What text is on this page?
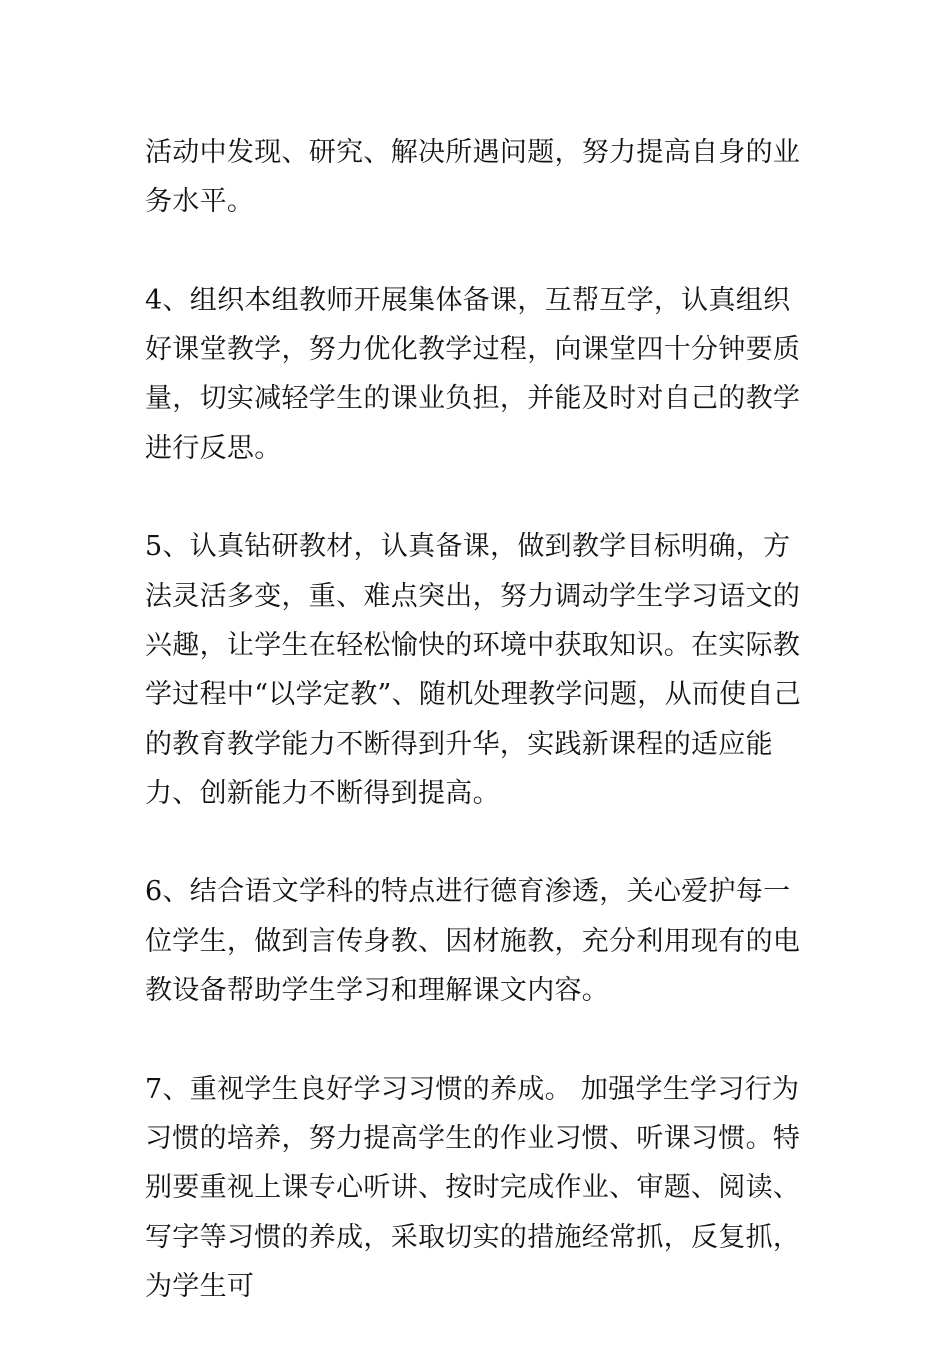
活动中发现、研究、解决所遇问题，努力提高自身的业务水平。

4、组织本组教师开展集体备课，互帮互学，认真组织好课堂教学，努力优化教学过程，向课堂四十分钟要质量，切实减轻学生的课业负担，并能及时对自己的教学进行反思。

5、认真钻研教材，认真备课，做到教学目标明确，方法灵活多变，重、难点突出，努力调动学生学习语文的兴趣，让学生在轻松愉快的环境中获取知识。在实际教学过程中“以学定教”、随机处理教学问题，从而使自己的教育教学能力不断得到升华，实践新课程的适应能力、创新能力不断得到提高。

6、结合语文学科的特点进行德育渗透，关心爱护每一位学生，做到言传身教、因材施教，充分利用现有的电教设备帮助学生学习和理解课文内容。

7、重视学生良好学习习惯的养成。 加强学生学习行为习惯的培养，努力提高学生的作业习惯、听课习惯。特别要重视上课专心听讲、按时完成作业、审题、阅读、写字等习惯的养成，采取切实的措施经常抓，反复抓，为学生可
